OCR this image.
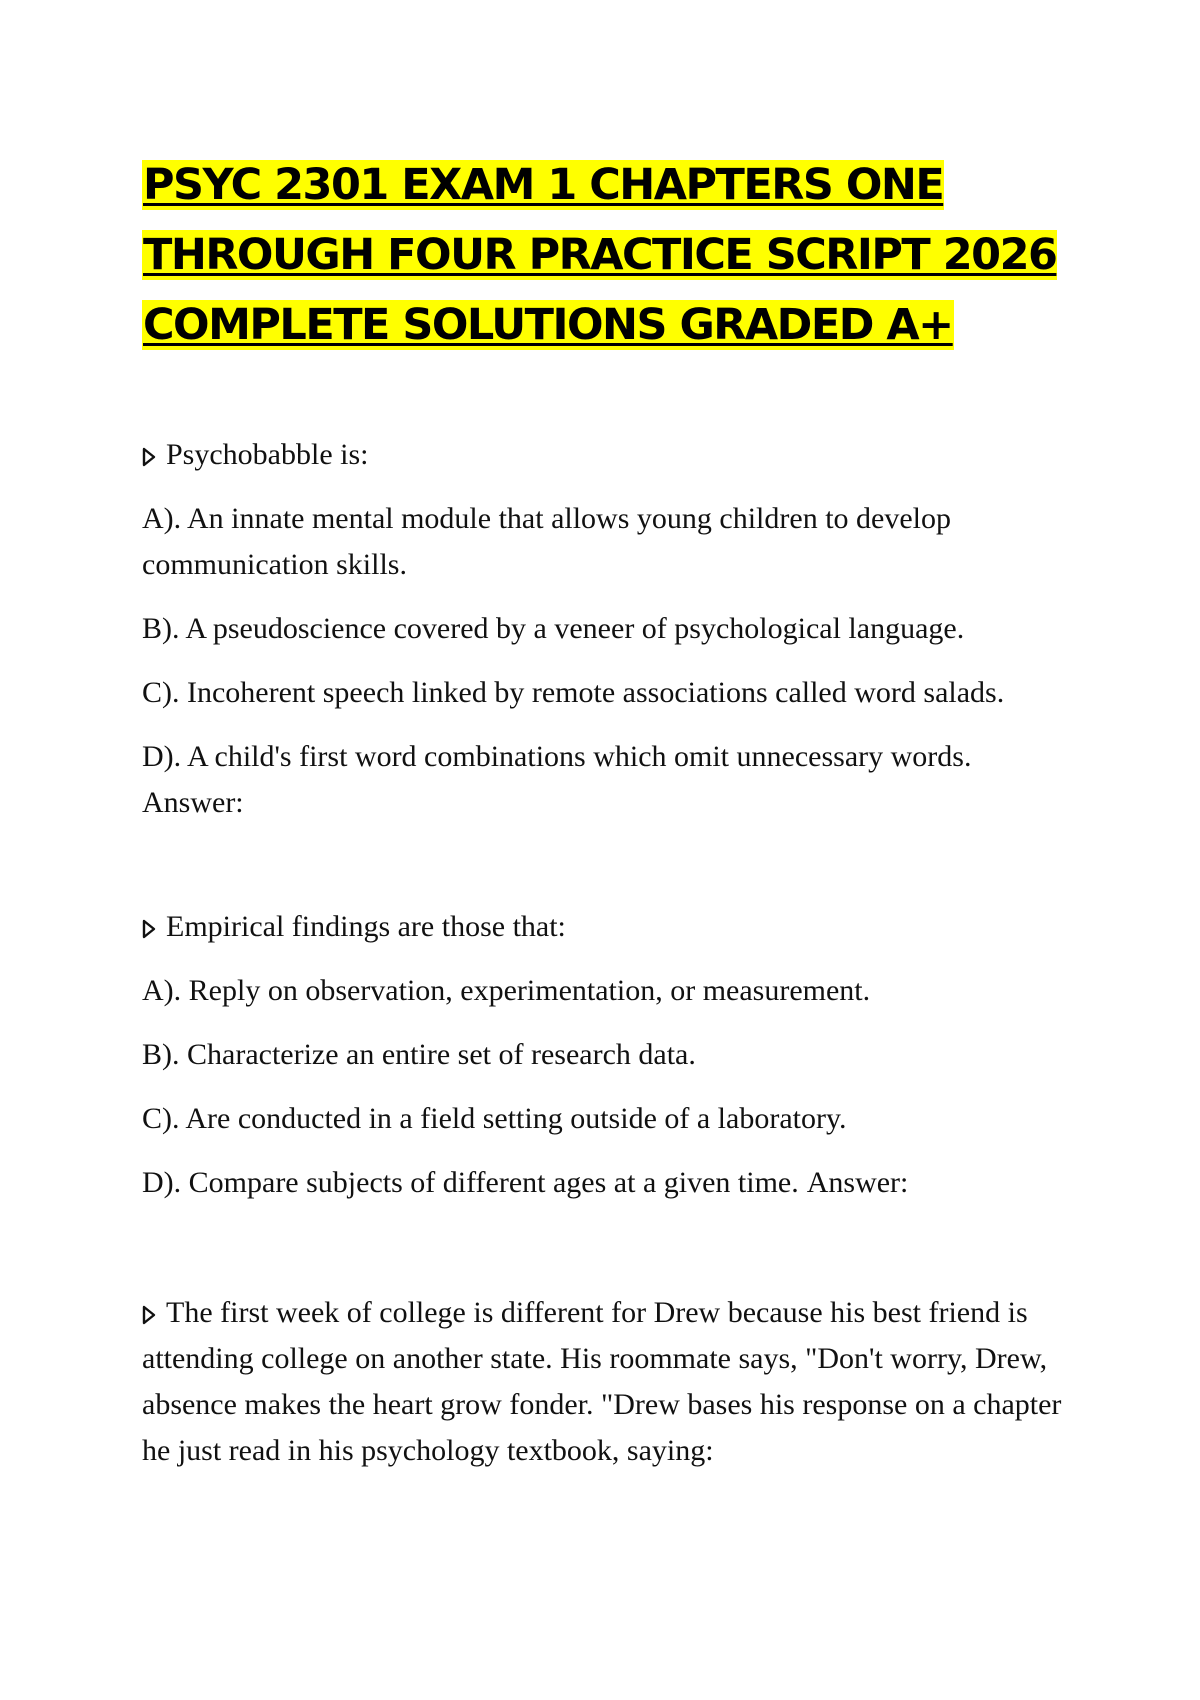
PSYC 2301 EXAM 1 CHAPTERS ONE
THROUGH FOUR PRACTICE SCRIPT 2026
COMPLETE SOLUTIONS GRADED A+

Psychobabble is:

A). An innate mental module that allows young children to develop communication skills.

B). A pseudoscience covered by a veneer of psychological language.

C). Incoherent speech linked by remote associations called word salads.

D). A child's first word combinations which omit unnecessary words.
Answer:

Empirical findings are those that:

A). Reply on observation, experimentation, or measurement.

B). Characterize an entire set of research data.

C). Are conducted in a field setting outside of a laboratory.

D). Compare subjects of different ages at a given time. Answer:

The first week of college is different for Drew because his best friend is attending college on another state. His roommate says, "Don't worry, Drew, absence makes the heart grow fonder. "Drew bases his response on a chapter he just read in his psychology textbook, saying:
